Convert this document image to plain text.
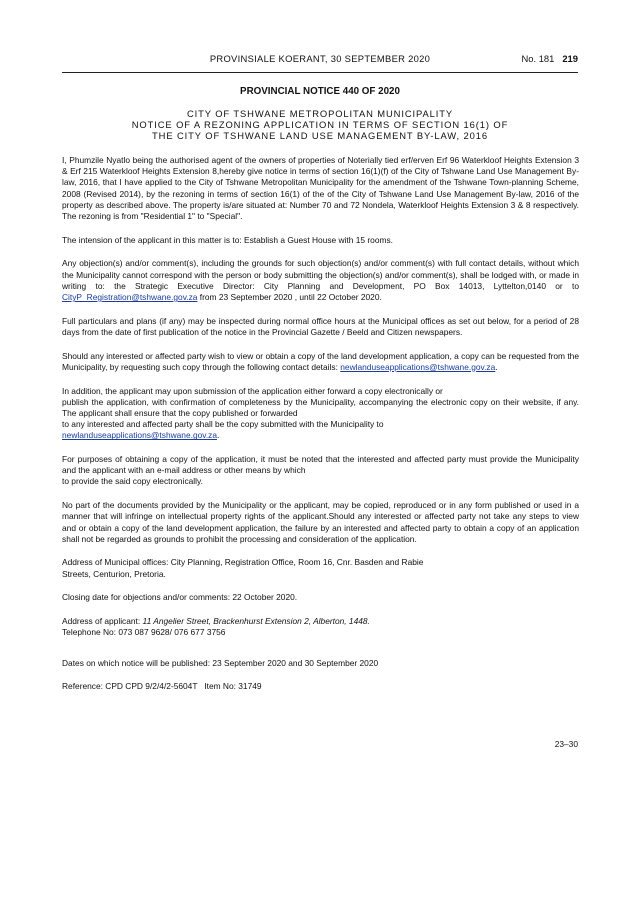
PROVINSIALE KOERANT, 30 SEPTEMBER 2020	No. 181 219
PROVINCIAL NOTICE 440 OF 2020
CITY OF TSHWANE METROPOLITAN MUNICIPALITY
NOTICE OF A REZONING APPLICATION IN TERMS OF SECTION 16(1) OF
THE CITY OF TSHWANE LAND USE MANAGEMENT BY-LAW, 2016

I, Phumzile Nyatlo being the authorised agent of the owners of properties of Noterially tied erf/erven Erf 96 Waterkloof Heights Extension 3 & Erf 215 Waterkloof Heights Extension 8,hereby give notice in terms of section 16(1)(f) of the City of Tshwane Land Use Management By-law, 2016, that I have applied to the City of Tshwane Metropolitan Municipality for the amendment of the Tshwane Town-planning Scheme, 2008 (Revised 2014), by the rezoning in terms of section 16(1) of the of the City of Tshwane Land Use Management By-law, 2016 of the property as described above. The property is/are situated at: Number 70 and 72 Nondela, Waterkloof Heights Extension 3 & 8 respectively. The rezoning is from "Residential 1" to "Special".

The intension of the applicant in this matter is to: Establish a Guest House with 15 rooms.

Any objection(s) and/or comment(s), including the grounds for such objection(s) and/or comment(s) with full contact details, without which the Municipality cannot correspond with the person or body submitting the objection(s) and/or comment(s), shall be lodged with, or made in writing to: the Strategic Executive Director: City Planning and Development, PO Box 14013, Lyttelton,0140 or to CityP_Registration@tshwane.gov.za from 23 September 2020 , until 22 October 2020.

Full particulars and plans (if any) may be inspected during normal office hours at the Municipal offices as set out below, for a period of 28 days from the date of first publication of the notice in the Provincial Gazette / Beeld and Citizen newspapers.

Should any interested or affected party wish to view or obtain a copy of the land development application, a copy can be requested from the Municipality, by requesting such copy through the following contact details: newlanduseapplications@tshwane.gov.za.

In addition, the applicant may upon submission of the application either forward a copy electronically or
publish the application, with confirmation of completeness by the Municipality, accompanying the electronic copy on their website, if any. The applicant shall ensure that the copy published or forwarded
to any interested and affected party shall be the copy submitted with the Municipality to
newlanduseapplications@tshwane.gov.za.

For purposes of obtaining a copy of the application, it must be noted that the interested and affected party must provide the Municipality and the applicant with an e-mail address or other means by which
to provide the said copy electronically.

No part of the documents provided by the Municipality or the applicant, may be copied, reproduced or in any form published or used in a manner that will infringe on intellectual property rights of the applicant.Should any interested or affected party not take any steps to view and or obtain a copy of the land development application, the failure by an interested and affected party to obtain a copy of an application shall not be regarded as grounds to prohibit the processing and consideration of the application.

Address of Municipal offices: City Planning, Registration Office, Room 16, Cnr. Basden and Rabie
Streets, Centurion, Pretoria.

Closing date for objections and/or comments: 22 October 2020.

Address of applicant: 11 Angelier Street, Brackenhurst Extension 2, Alberton, 1448.
Telephone No: 073 087 9628/ 076 677 3756

Dates on which notice will be published: 23 September 2020 and 30 September 2020

Reference: CPD CPD 9/2/4/2-5604T   Item No: 31749

23–30
